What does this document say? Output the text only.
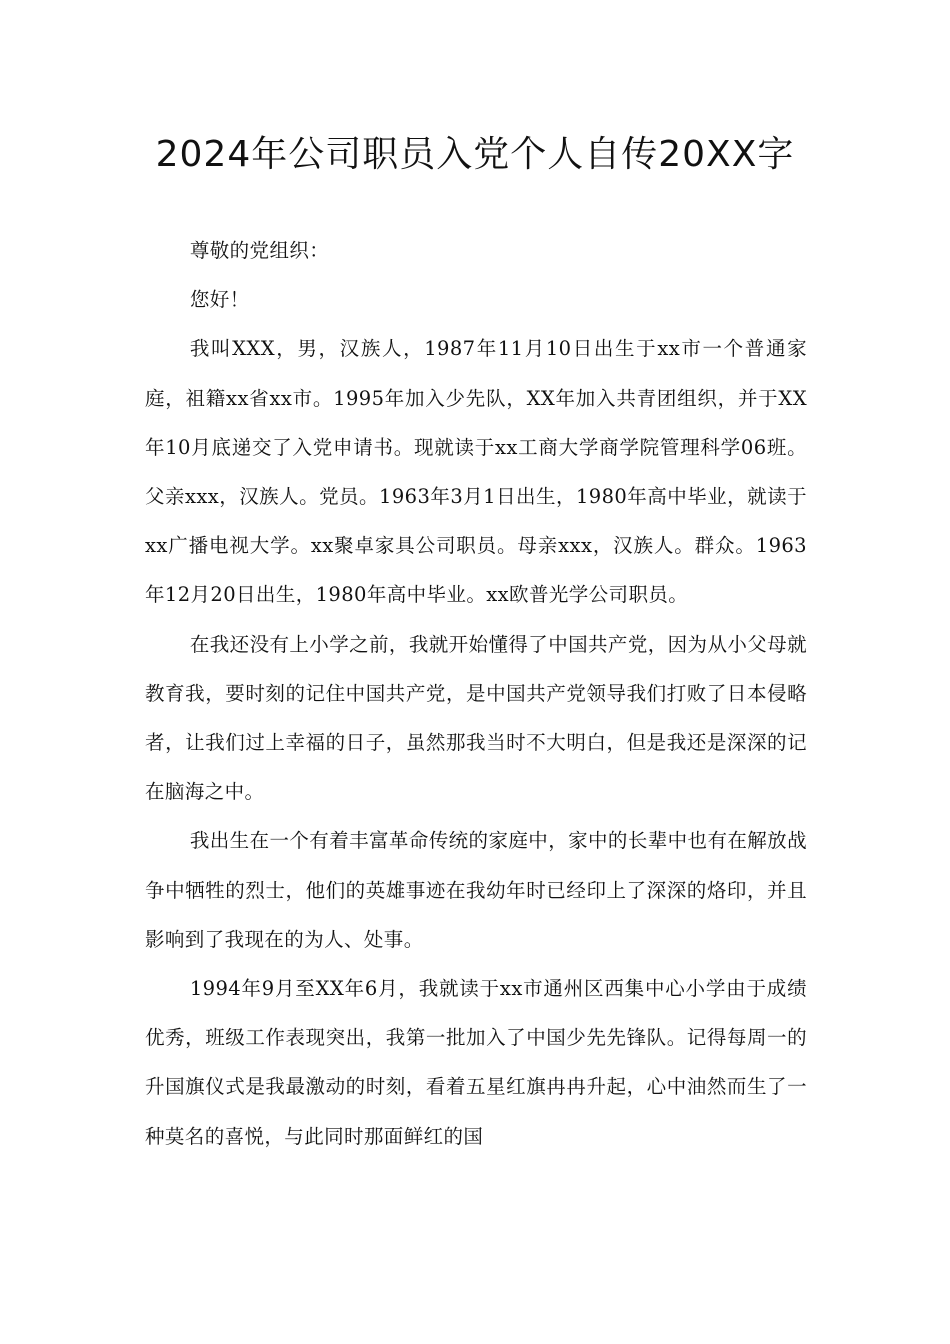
2024年公司职员入党个人自传20XX字

尊敬的党组织：

您好！

我叫XXX，男，汉族人，1987年11月10日出生于xx市一个普通家庭，祖籍xx省xx市。1995年加入少先队，XX年加入共青团组织，并于XX年10月底递交了入党申请书。现就读于xx工商大学商学院管理科学06班。父亲xxx，汉族人。党员。1963年3月1日出生，1980年高中毕业，就读于xx广播电视大学。xx聚卓家具公司职员。母亲xxx，汉族人。群众。1963年12月20日出生，1980年高中毕业。xx欧普光学公司职员。

在我还没有上小学之前，我就开始懂得了中国共产党，因为从小父母就教育我，要时刻的记住中国共产党，是中国共产党领导我们打败了日本侵略者，让我们过上幸福的日子，虽然那我当时不大明白，但是我还是深深的记在脑海之中。

我出生在一个有着丰富革命传统的家庭中，家中的长辈中也有在解放战争中牺牲的烈士，他们的英雄事迹在我幼年时已经印上了深深的烙印，并且影响到了我现在的为人、处事。

1994年9月至XX年6月，我就读于xx市通州区西集中心小学由于成绩优秀，班级工作表现突出，我第一批加入了中国少先先锋队。记得每周一的升国旗仪式是我最激动的时刻，看着五星红旗冉冉升起，心中油然而生了一种莫名的喜悦，与此同时那面鲜红的国
